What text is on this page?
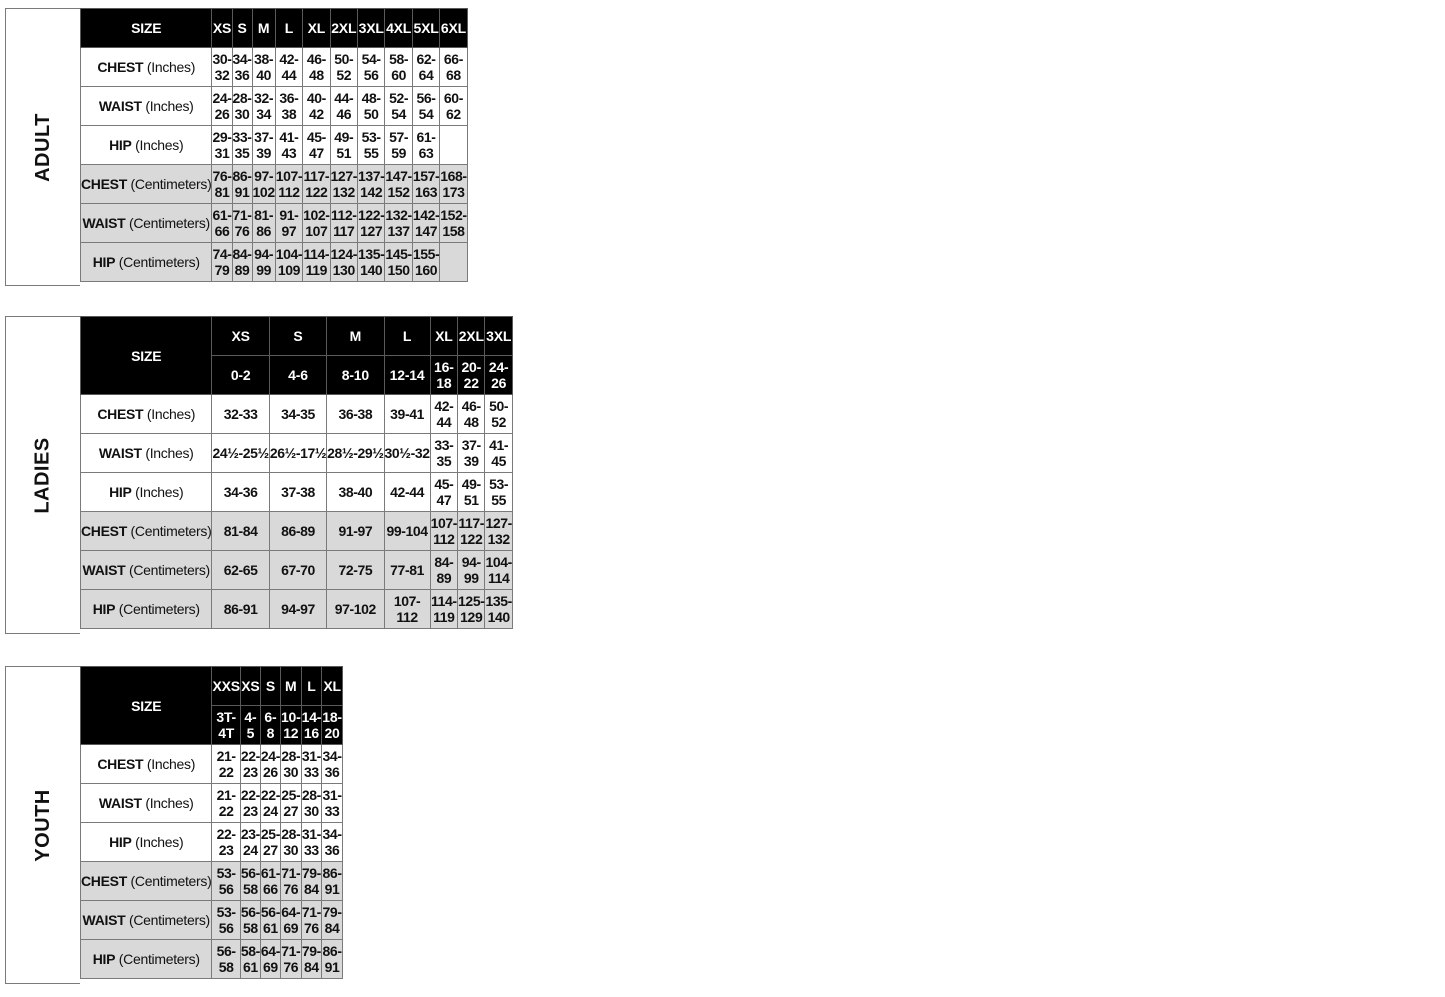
ADULT
SIZE	XS	S	M	L	XL	2XL	3XL	4XL	5XL	6XL
CHEST (Inches)	30-32	34-36	38-40	42-44	46-48	50-52	54-56	58-60	62-64	66-68
WAIST (Inches)	24-26	28-30	32-34	36-38	40-42	44-46	48-50	52-54	56-54	60-62
HIP (Inches)	29-31	33-35	37-39	41-43	45-47	49-51	53-55	57-59	61-63	
CHEST (Centimeters)	76-81	86-91	97-102	107-112	117-122	127-132	137-142	147-152	157-163	168-173
WAIST (Centimeters)	61-66	71-76	81-86	91-97	102-107	112-117	122-127	132-137	142-147	152-158
HIP (Centimeters)	74-79	84-89	94-99	104-109	114-119	124-130	135-140	145-150	155-160	
LADIES
SIZE	XS	S	M	L	XL	2XL	3XL
	0-2	4-6	8-10	12-14	16-18	20-22	24-26
CHEST (Inches)	32-33	34-35	36-38	39-41	42-44	46-48	50-52
WAIST (Inches)	24½-25½	26½-17½	28½-29½	30½-32	33-35	37-39	41-45
HIP (Inches)	34-36	37-38	38-40	42-44	45-47	49-51	53-55
CHEST (Centimeters)	81-84	86-89	91-97	99-104	107-112	117-122	127-132
WAIST (Centimeters)	62-65	67-70	72-75	77-81	84-89	94-99	104-114
HIP (Centimeters)	86-91	94-97	97-102	107-112	114-119	125-129	135-140
YOUTH
SIZE	XXS	XS	S	M	L	XL
	3T-4T	4-5	6-8	10-12	14-16	18-20
CHEST (Inches)	21-22	22-23	24-26	28-30	31-33	34-36
WAIST (Inches)	21-22	22-23	22-24	25-27	28-30	31-33
HIP (Inches)	22-23	23-24	25-27	28-30	31-33	34-36
CHEST (Centimeters)	53-56	56-58	61-66	71-76	79-84	86-91
WAIST (Centimeters)	53-56	56-58	56-61	64-69	71-76	79-84
HIP (Centimeters)	56-58	58-61	64-69	71-76	79-84	86-91
